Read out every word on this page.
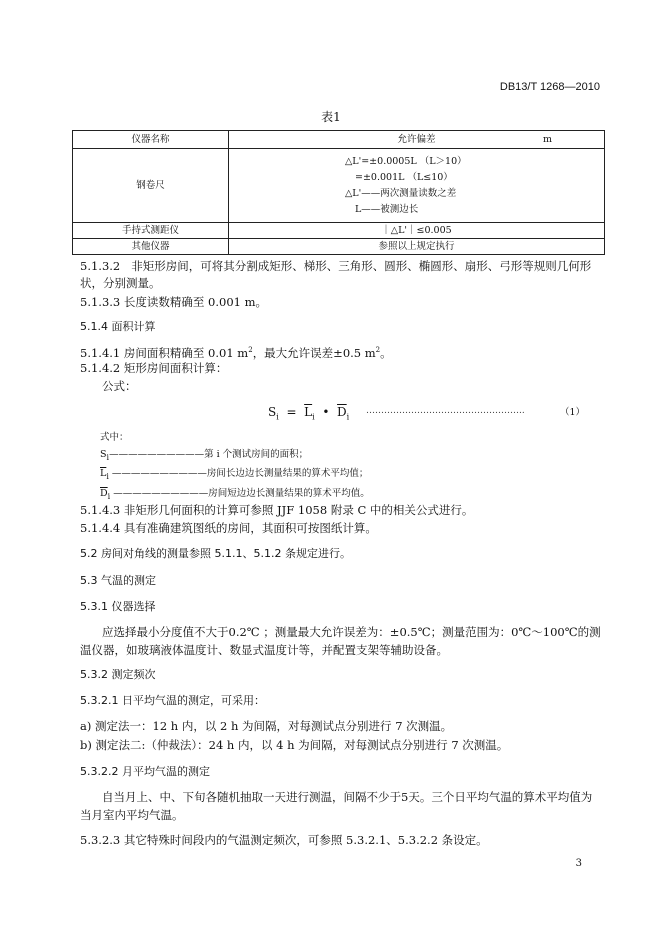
DB13/T 1268—2010
表1
仪器名称	允许偏差 m

钢卷尺	△L'=±0.0005L （L＞10）
=±0.001L （L≤10）
△L'——两次测量读数之差
L——被测边长

手持式测距仪	｜△L'｜≤0.005
其他仪器	参照以上规定执行
5.1.3.2 非矩形房间，可将其分割成矩形、梯形、三角形、圆形、椭圆形、扇形、弓形等规则几何形
状，分别测量。
5.1.3.3 长度读数精确至 0.001 m。
5.1.4 面积计算
5.1.4.1 房间面积精确至 0.01 $m^2$，最大允许误差±0.5 $m^2$。
5.1.4.2 矩形房间面积计算：
公式：
$S_i = \overline{L}_i$ • $\overline{D}_i$
……………………………………………..	（1）
式中：
$S_i——————————$第 i 个测试房间的面积；
$\overline{L}_i$ ——————————房间长边边长测量结果的算术平均值；
$\overline{D}_i$ ——————————房间短边边长测量结果的算术平均值。
5.1.4.3 非矩形几何面积的计算可参照 JJF 1058 附录 C 中的相关公式进行。
5.1.4.4 具有准确建筑图纸的房间，其面积可按图纸计算。
5.2 房间对角线的测量参照 5.1.1、5.1.2 条规定进行。
5.3 气温的测定
5.3.1 仪器选择
应选择最小分度值不大于0.2℃ ；测量最大允许误差为：±0.5℃；测量范围为：0℃～100℃的测
温仪器，如玻璃液体温度计、数显式温度计等，并配置支架等辅助设备。
5.3.2 测定频次
5.3.2.1 日平均气温的测定，可采用：
a) 测定法一：12 h 内，以 2 h 为间隔，对每测试点分别进行 7 次测温。
b) 测定法二:（仲裁法）：24 h 内，以 4 h 为间隔，对每测试点分别进行 7 次测温。
5.3.2.2 月平均气温的测定
自当月上、中、下旬各随机抽取一天进行测温，间隔不少于5天。三个日平均气温的算术平均值为
当月室内平均气温。
5.3.2.3 其它特殊时间段内的气温测定频次，可参照 5.3.2.1、5.3.2.2 条设定。
3
